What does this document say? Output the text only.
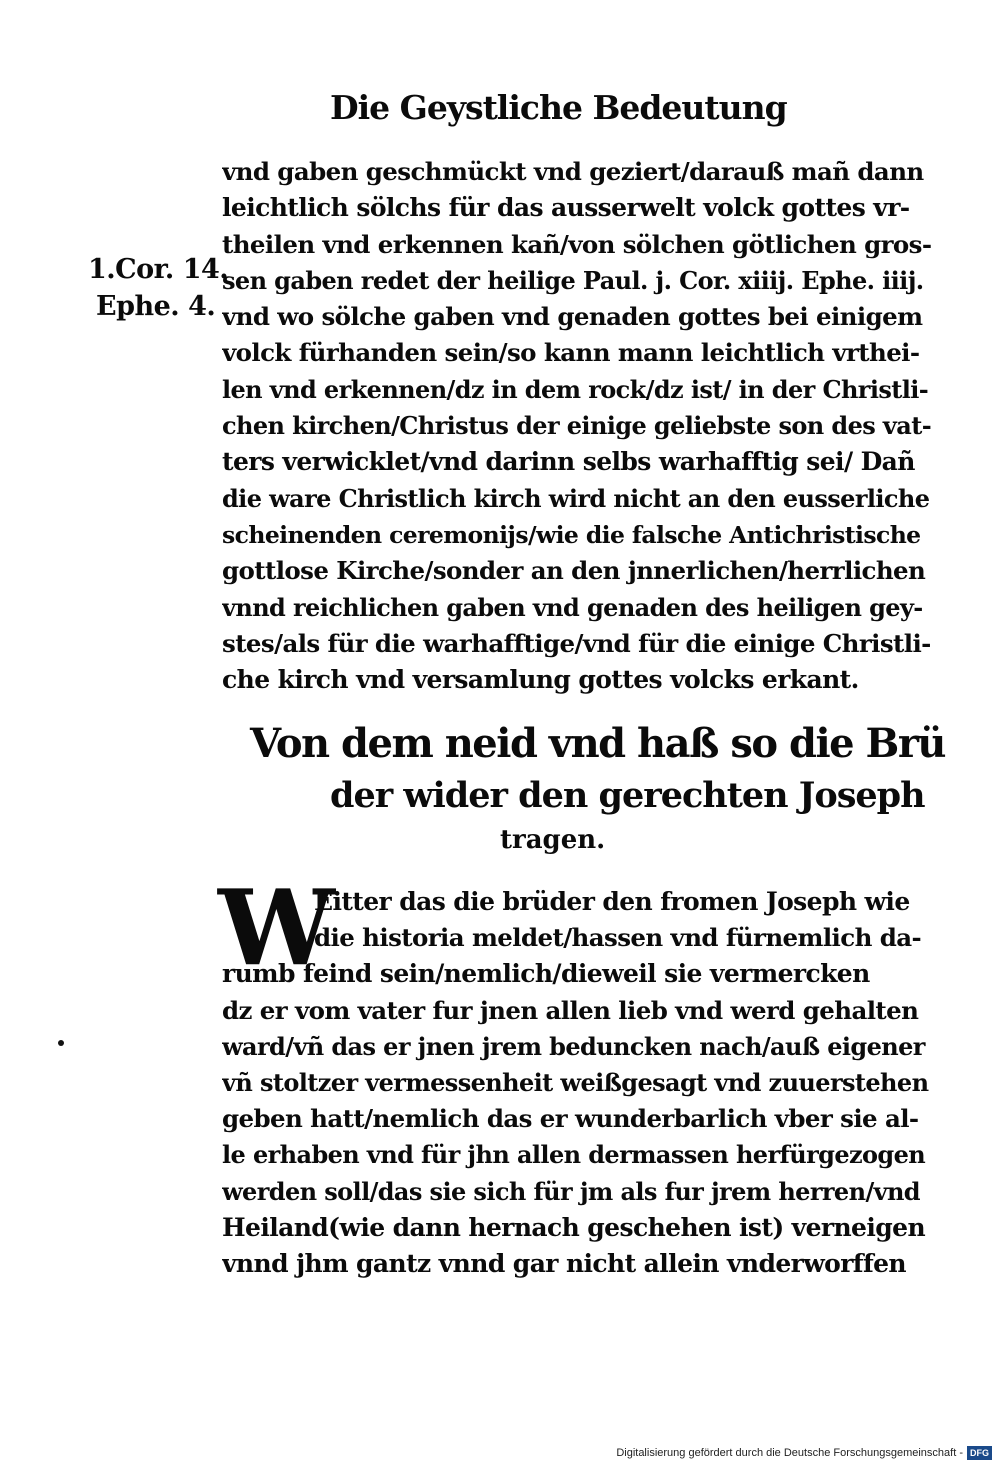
Die Geystliche Bedeutung
1.Cor. 14.
Ephe. 4.
vnd gaben geschmückt vnd geziert/darauß mañ dann
leichtlich sölchs für das ausserwelt volck gottes vr-
theilen vnd erkennen kañ/von sölchen götlichen gros-
sen gaben redet der heilige Paul. j. Cor. xiiij. Ephe. iiij.
vnd wo sölche gaben vnd genaden gottes bei einigem
volck fürhanden sein/so kann mann leichtlich vrthei-
len vnd erkennen/dz in dem rock/dz ist/ in der Christli-
chen kirchen/Christus der einige geliebste son des vat-
ters verwicklet/vnd darinn selbs warhafftig sei/ Dañ
die ware Christlich kirch wird nicht an den eusserliche
scheinenden ceremonijs/wie die falsche Antichristische
gottlose Kirche/sonder an den jnnerlichen/herrlichen
vnnd reichlichen gaben vnd genaden des heiligen gey-
stes/als für die warhafftige/vnd für die einige Christli-
che kirch vnd versamlung gottes volcks erkant.
Von dem neid vnd haß so die Brü
der wider den gerechten Joseph
tragen.
W
Eitter das die brüder den fromen Joseph wie
die historia meldet/hassen vnd fürnemlich da-
rumb feind sein/nemlich/dieweil sie vermercken
dz er vom vater fur jnen allen lieb vnd werd gehalten
ward/vñ das er jnen jrem beduncken nach/auß eigener
vñ stoltzer vermessenheit weißgesagt vnd zuuerstehen
geben hatt/nemlich das er wunderbarlich vber sie al-
le erhaben vnd für jhn allen dermassen herfürgezogen
werden soll/das sie sich für jm als fur jrem herren/vnd
Heiland(wie dann hernach geschehen ist) verneigen
vnnd jhm gantz vnnd gar nicht allein vnderworffen
Digitalisierung gefördert durch die Deutsche Forschungsgemeinschaft - DFG
